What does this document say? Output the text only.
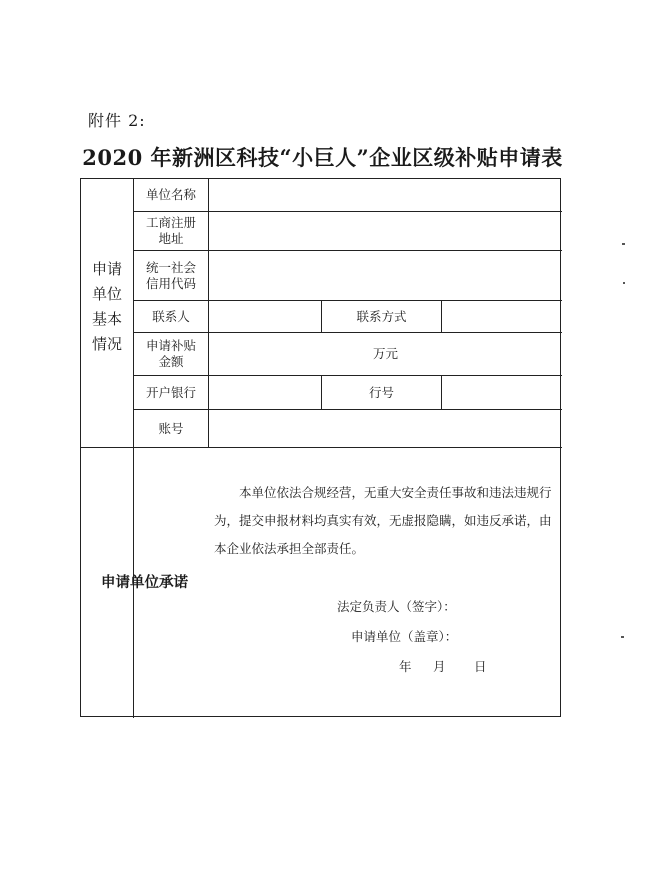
附件 2:
2020 年新洲区科技“小巨人”企业区级补贴申请表
申请
单位
基本
情况
单位名称
工商注册
地址
统一社会
信用代码
联系人	联系方式
申请补贴
金额
万元
开户银行	行号
账号
申请单位承诺
本单位依法合规经营，无重大安全责任事故和违法违规行为，提交申报材料均真实有效，无虚报隐瞒，如违反承诺，由本企业依法承担全部责任。
法定负责人（签字）：
申请单位（盖章）：
年 月 日
